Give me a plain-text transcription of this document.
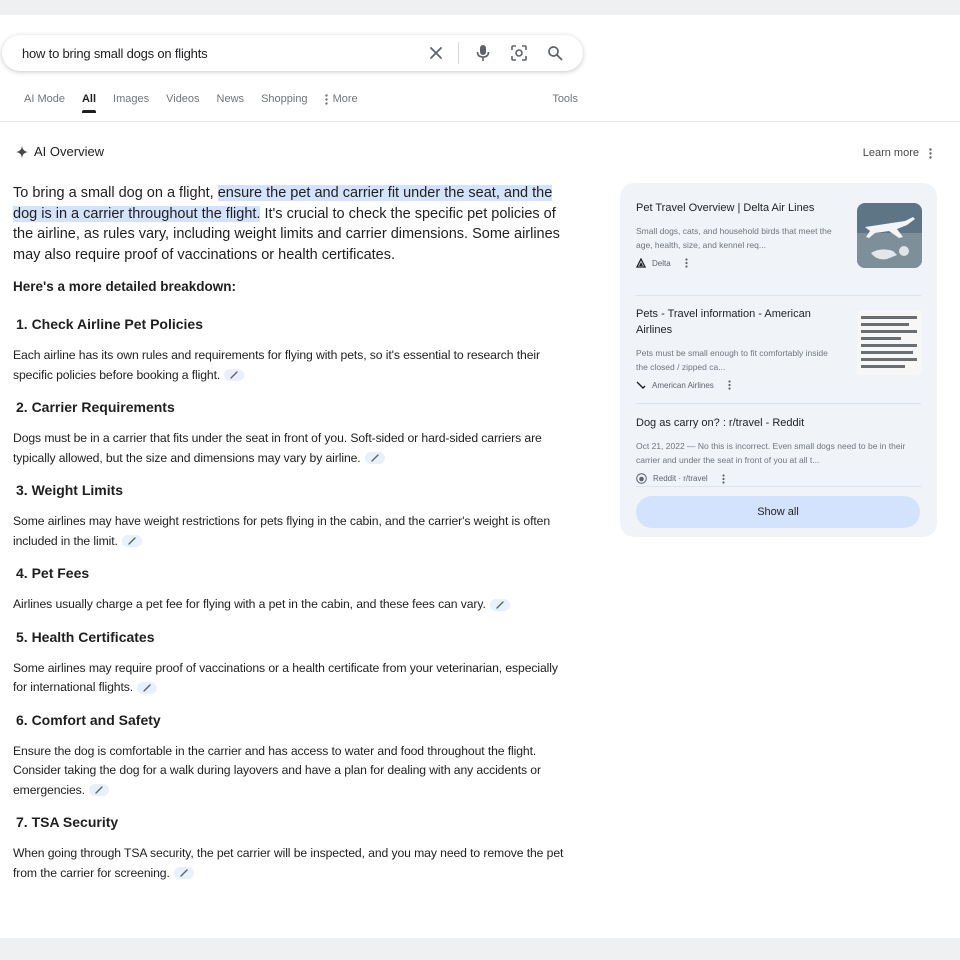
how to bring small dogs on flights
AI Mode All Images Videos News Shopping More	Tools
AI Overview	Learn more

To bring a small dog on a flight, ensure the pet and carrier fit under the seat, and the dog is in a carrier throughout the flight. It's crucial to check the specific pet policies of the airline, as rules vary, including weight limits and carrier dimensions. Some airlines may also require proof of vaccinations or health certificates.

Here's a more detailed breakdown:

1. Check Airline Pet Policies

Each airline has its own rules and requirements for flying with pets, so it's essential to research their specific policies before booking a flight.

2. Carrier Requirements

Dogs must be in a carrier that fits under the seat in front of you. Soft-sided or hard-sided carriers are typically allowed, but the size and dimensions may vary by airline.

3. Weight Limits

Some airlines may have weight restrictions for pets flying in the cabin, and the carrier's weight is often included in the limit.

4. Pet Fees

Airlines usually charge a pet fee for flying with a pet in the cabin, and these fees can vary.

5. Health Certificates

Some airlines may require proof of vaccinations or a health certificate from your veterinarian, especially for international flights.

6. Comfort and Safety

Ensure the dog is comfortable in the carrier and has access to water and food throughout the flight. Consider taking the dog for a walk during layovers and have a plan for dealing with any accidents or emergencies.

7. TSA Security

When going through TSA security, the pet carrier will be inspected, and you may need to remove the pet from the carrier for screening.

Pet Travel Overview | Delta Air Lines

Small dogs, cats, and household birds that meet the age, health, size, and kennel req...

Delta

Pets - Travel information - American Airlines

Pets must be small enough to fit comfortably inside the closed / zipped ca...

American Airlines

Dog as carry on? : r/travel - Reddit

Oct 21, 2022 — No this is incorrect. Even small dogs need to be in their carrier and under the seat in front of you at all t...

Reddit · r/travel
Show all
